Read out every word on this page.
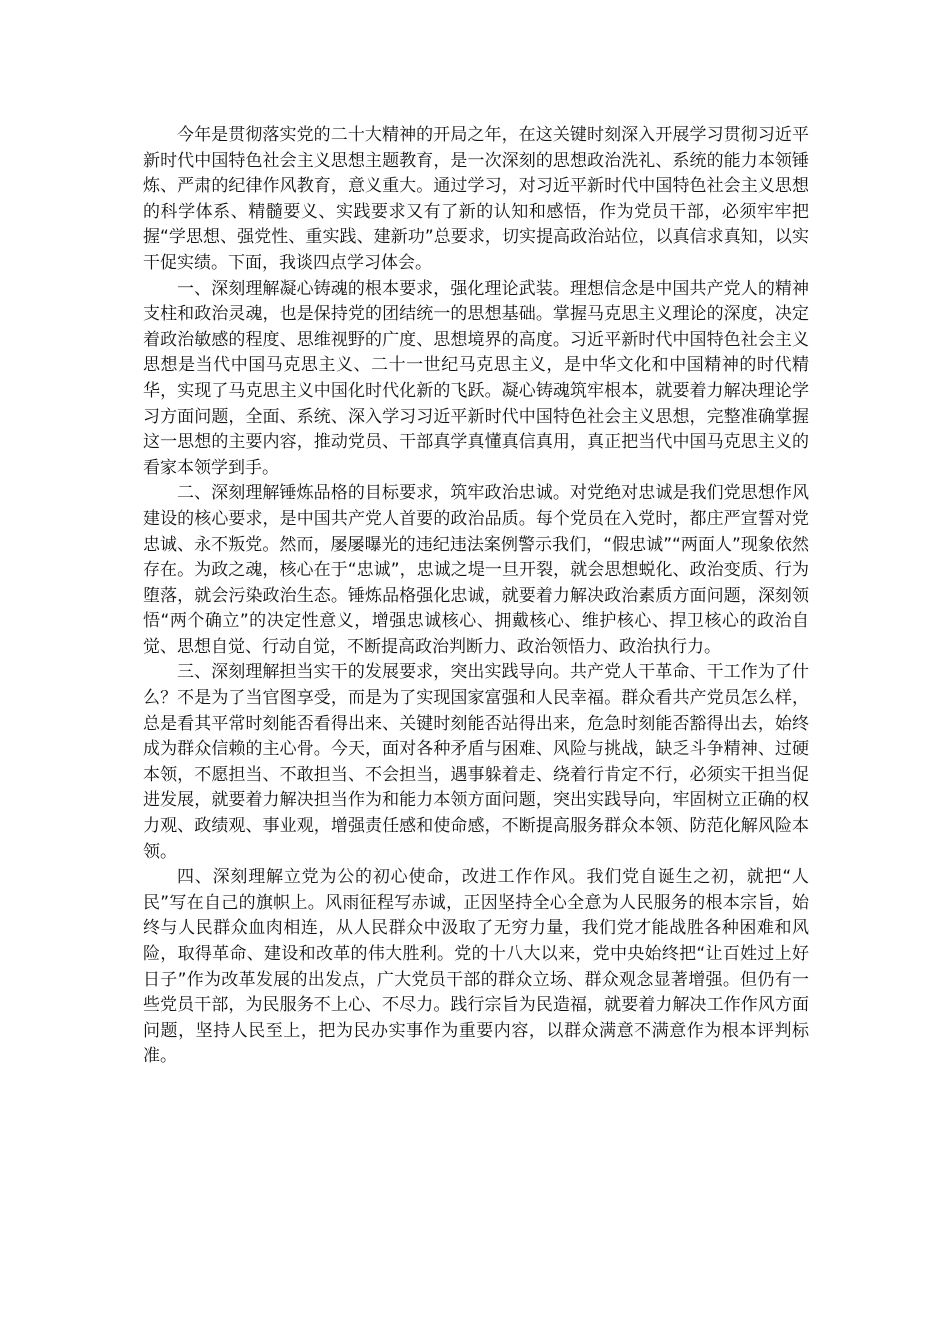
今年是贯彻落实党的二十大精神的开局之年，在这关键时刻深入开展学习贯彻习近平新时代中国特色社会主义思想主题教育，是一次深刻的思想政治洗礼、系统的能力本领锤炼、严肃的纪律作风教育，意义重大。通过学习，对习近平新时代中国特色社会主义思想的科学体系、精髓要义、实践要求又有了新的认知和感悟，作为党员干部，必须牢牢把握“学思想、强党性、重实践、建新功”总要求，切实提高政治站位，以真信求真知，以实干促实绩。下面，我谈四点学习体会。

一、深刻理解凝心铸魂的根本要求，强化理论武装。理想信念是中国共产党人的精神支柱和政治灵魂，也是保持党的团结统一的思想基础。掌握马克思主义理论的深度，决定着政治敏感的程度、思维视野的广度、思想境界的高度。习近平新时代中国特色社会主义思想是当代中国马克思主义、二十一世纪马克思主义，是中华文化和中国精神的时代精华，实现了马克思主义中国化时代化新的飞跃。凝心铸魂筑牢根本，就要着力解决理论学习方面问题，全面、系统、深入学习习近平新时代中国特色社会主义思想，完整准确掌握这一思想的主要内容，推动党员、干部真学真懂真信真用，真正把当代中国马克思主义的看家本领学到手。

二、深刻理解锤炼品格的目标要求，筑牢政治忠诚。对党绝对忠诚是我们党思想作风建设的核心要求，是中国共产党人首要的政治品质。每个党员在入党时，都庄严宣誓对党忠诚、永不叛党。然而，屡屡曝光的违纪违法案例警示我们，“假忠诚”“两面人”现象依然存在。为政之魂，核心在于“忠诚”，忠诚之堤一旦开裂，就会思想蜕化、政治变质、行为堕落，就会污染政治生态。锤炼品格强化忠诚，就要着力解决政治素质方面问题，深刻领悟“两个确立”的决定性意义，增强忠诚核心、拥戴核心、维护核心、捍卫核心的政治自觉、思想自觉、行动自觉，不断提高政治判断力、政治领悟力、政治执行力。

三、深刻理解担当实干的发展要求，突出实践导向。共产党人干革命、干工作为了什么？不是为了当官图享受，而是为了实现国家富强和人民幸福。群众看共产党员怎么样，总是看其平常时刻能否看得出来、关键时刻能否站得出来，危急时刻能否豁得出去，始终成为群众信赖的主心骨。今天，面对各种矛盾与困难、风险与挑战，缺乏斗争精神、过硬本领，不愿担当、不敢担当、不会担当，遇事躲着走、绕着行肯定不行，必须实干担当促进发展，就要着力解决担当作为和能力本领方面问题，突出实践导向，牢固树立正确的权力观、政绩观、事业观，增强责任感和使命感，不断提高服务群众本领、防范化解风险本领。

四、深刻理解立党为公的初心使命，改进工作作风。我们党自诞生之初，就把“人民”写在自己的旗帜上。风雨征程写赤诚，正因坚持全心全意为人民服务的根本宗旨，始终与人民群众血肉相连，从人民群众中汲取了无穷力量，我们党才能战胜各种困难和风险，取得革命、建设和改革的伟大胜利。党的十八大以来，党中央始终把“让百姓过上好日子”作为改革发展的出发点，广大党员干部的群众立场、群众观念显著增强。但仍有一些党员干部，为民服务不上心、不尽力。践行宗旨为民造福，就要着力解决工作作风方面问题，坚持人民至上，把为民办实事作为重要内容，以群众满意不满意作为根本评判标准。
